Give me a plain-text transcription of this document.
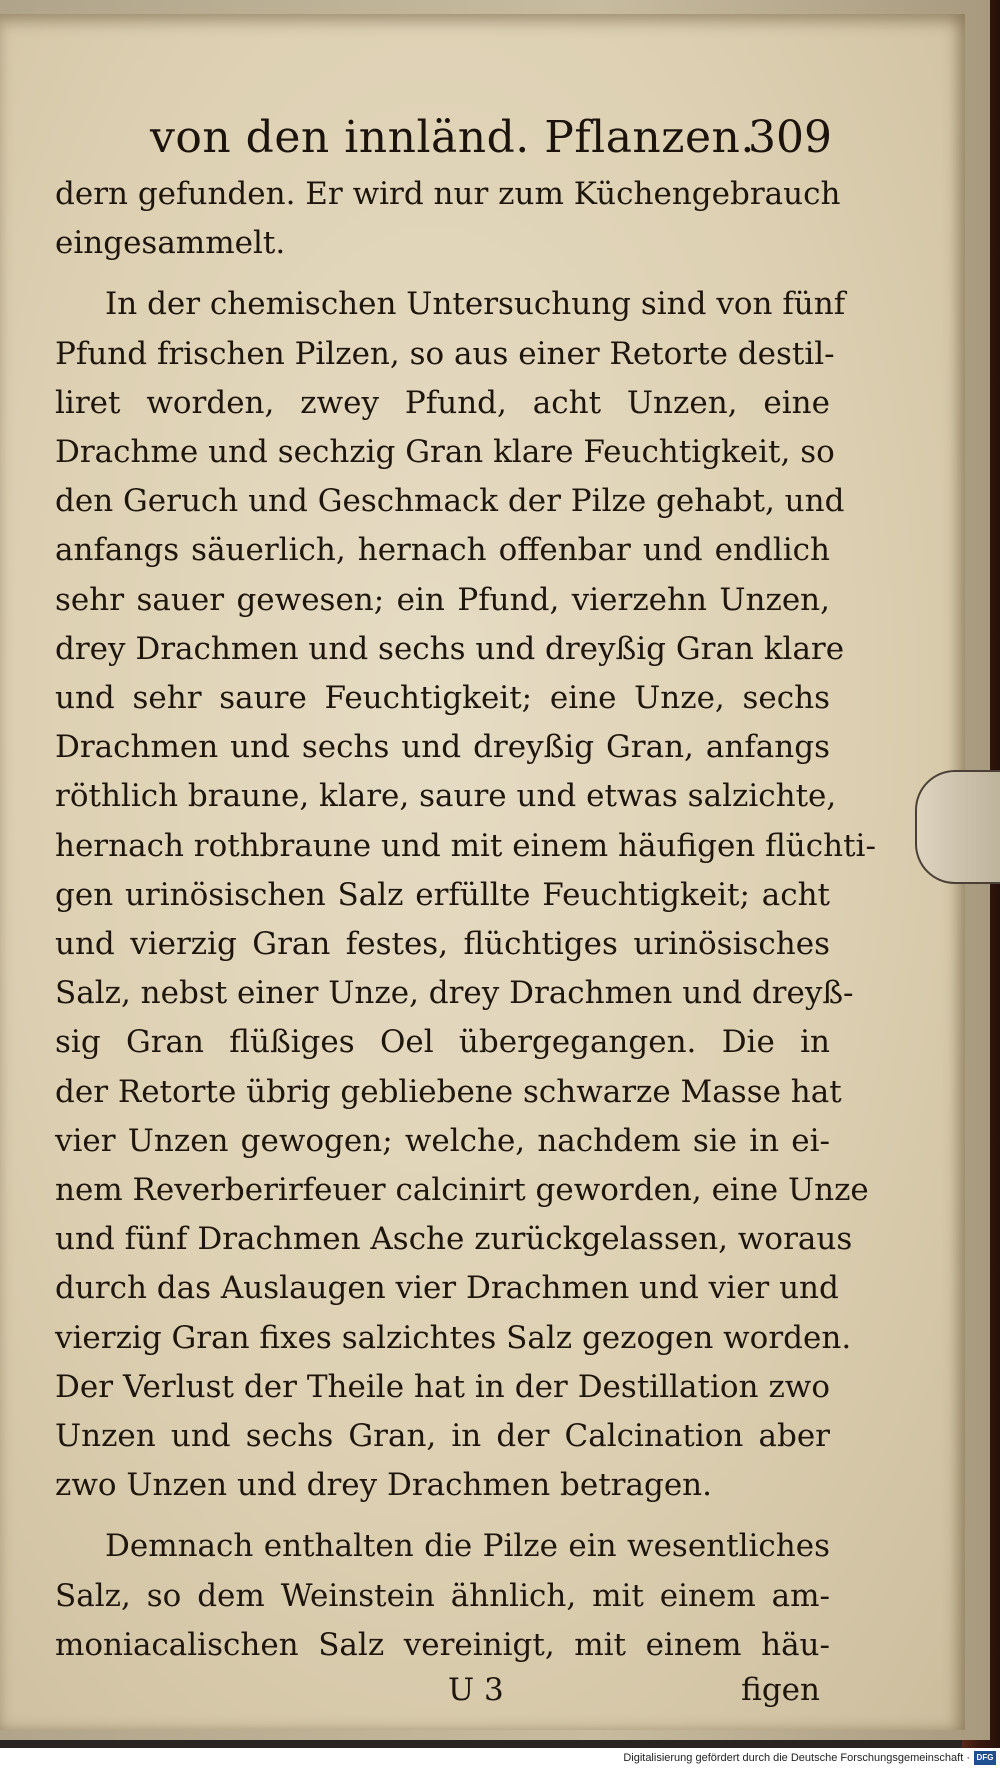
von den innländ. Pflanzen.
309
dern gefunden. Er wird nur zum Küchengebrauch
eingesammelt.
In der chemischen Untersuchung sind von fünf
Pfund frischen Pilzen, so aus einer Retorte destil-
liret worden, zwey Pfund, acht Unzen, eine
Drachme und sechzig Gran klare Feuchtigkeit, so
den Geruch und Geschmack der Pilze gehabt, und
anfangs säuerlich, hernach offenbar und endlich
sehr sauer gewesen; ein Pfund, vierzehn Unzen,
drey Drachmen und sechs und dreyßig Gran klare
und sehr saure Feuchtigkeit; eine Unze, sechs
Drachmen und sechs und dreyßig Gran, anfangs
röthlich braune, klare, saure und etwas salzichte,
hernach rothbraune und mit einem häufigen flüchti-
gen urinösischen Salz erfüllte Feuchtigkeit; acht
und vierzig Gran festes, flüchtiges urinösisches
Salz, nebst einer Unze, drey Drachmen und dreyß-
sig Gran flüßiges Oel übergegangen. Die in
der Retorte übrig gebliebene schwarze Masse hat
vier Unzen gewogen; welche, nachdem sie in ei-
nem Reverberirfeuer calcinirt geworden, eine Unze
und fünf Drachmen Asche zurückgelassen, woraus
durch das Auslaugen vier Drachmen und vier und
vierzig Gran fixes salzichtes Salz gezogen worden.
Der Verlust der Theile hat in der Destillation zwo
Unzen und sechs Gran, in der Calcination aber
zwo Unzen und drey Drachmen betragen.
Demnach enthalten die Pilze ein wesentliches
Salz, so dem Weinstein ähnlich, mit einem am-
moniacalischen Salz vereinigt, mit einem häu-
U 3	figen
Digitalisierung gefördert durch die Deutsche Forschungsgemeinschaft · DFG
